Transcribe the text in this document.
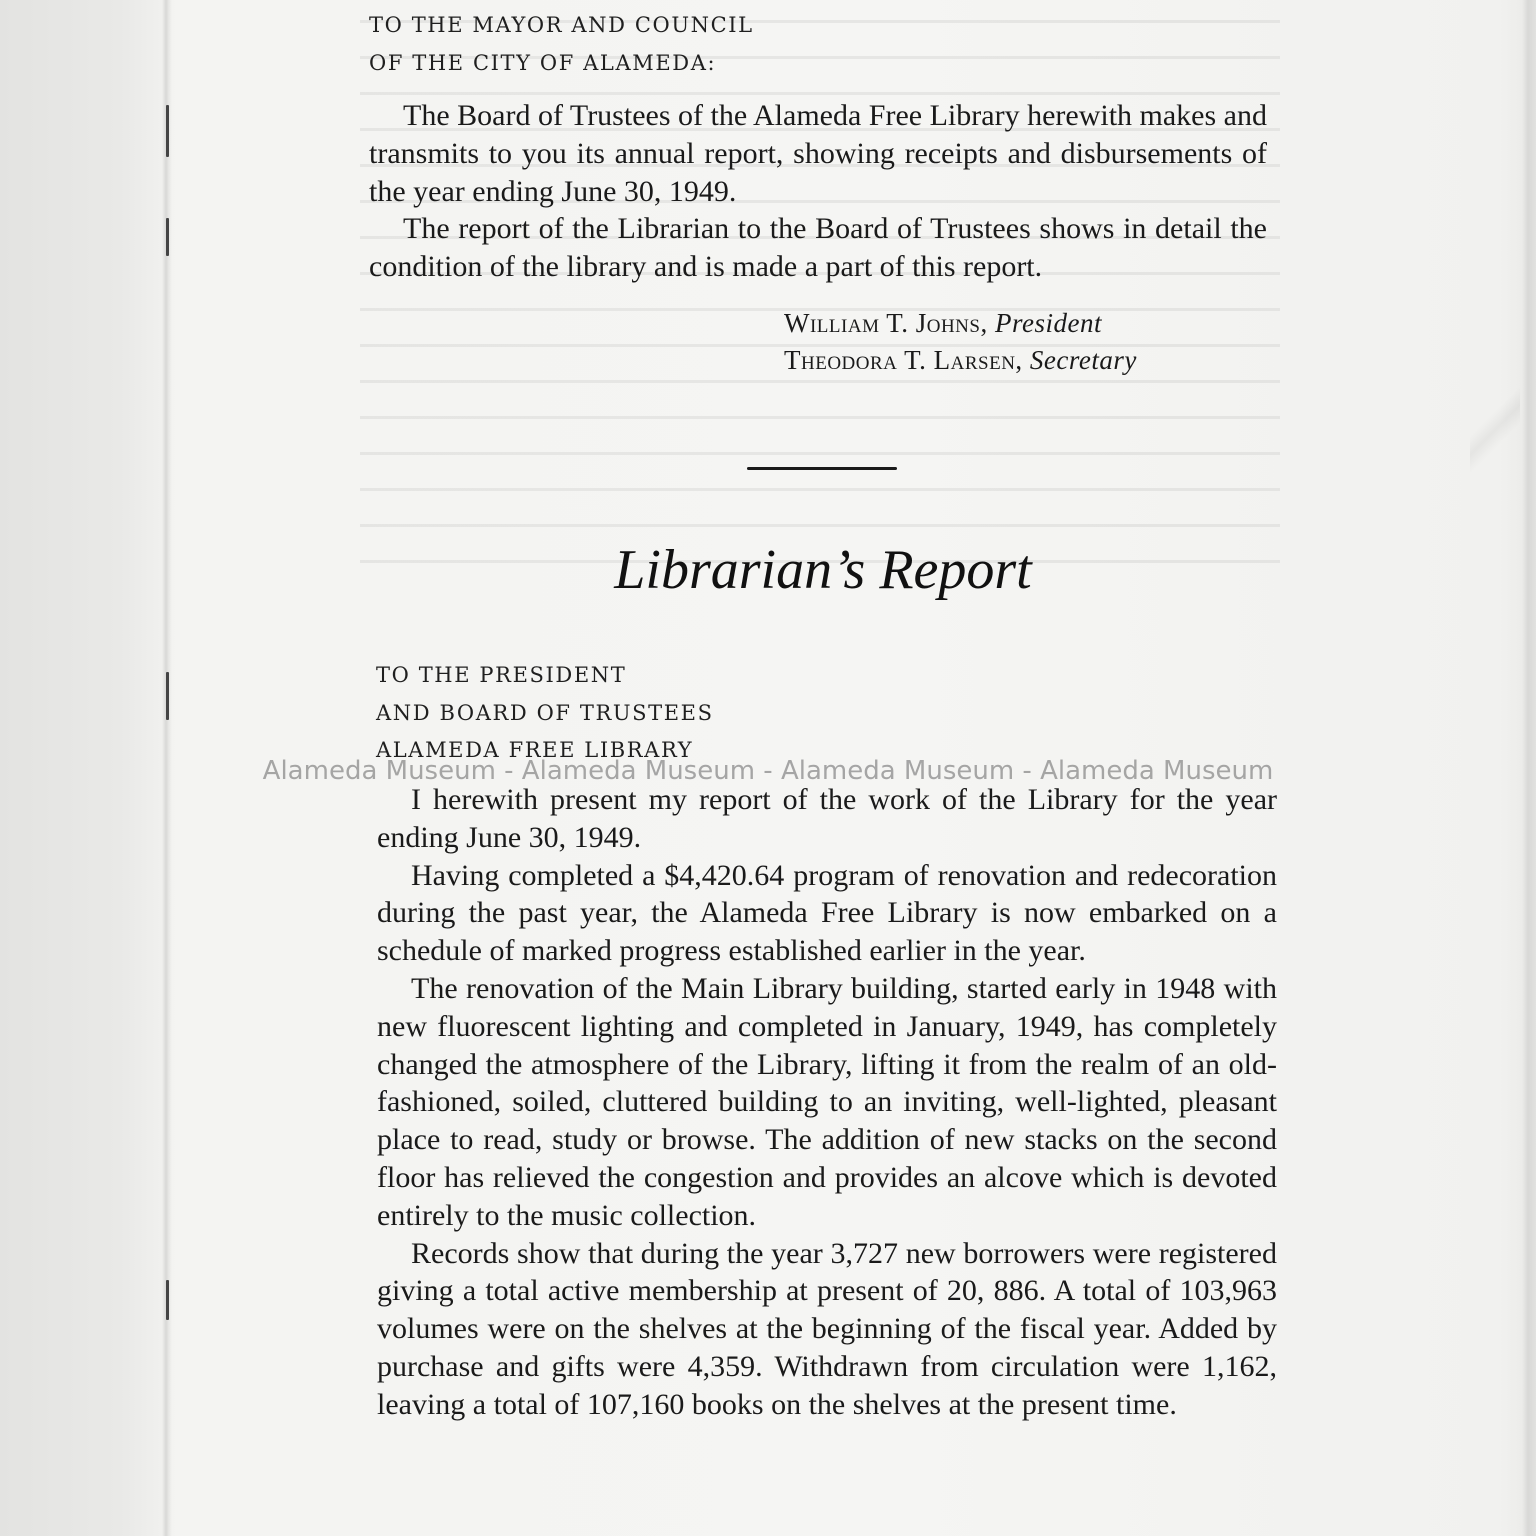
TO THE MAYOR AND COUNCIL

OF THE CITY OF ALAMEDA:

The Board of Trustees of the Alameda Free Library herewith makes and transmits to you its annual report, showing receipts and disbursements of the year ending June 30, 1949.

The report of the Librarian to the Board of Trustees shows in detail the condition of the library and is made a part of this report.

William T. Johns, President
Theodora T. Larsen, Secretary
Librarian’s Report

TO THE PRESIDENT

AND BOARD OF TRUSTEES

ALAMEDA FREE LIBRARY

I herewith present my report of the work of the Library for the year ending June 30, 1949.

Having completed a $4,420.64 program of renovation and redecoration during the past year, the Alameda Free Library is now embarked on a schedule of marked progress established earlier in the year.

The renovation of the Main Library building, started early in 1948 with new fluorescent lighting and completed in January, 1949, has completely changed the atmosphere of the Library, lifting it from the realm of an old-fashioned, soiled, cluttered building to an inviting, well-lighted, pleasant place to read, study or browse. The addition of new stacks on the second floor has relieved the congestion and provides an alcove which is devoted entirely to the music collection.

Records show that during the year 3,727 new borrowers were registered giving a total active membership at present of 20, 886. A total of 103,963 volumes were on the shelves at the beginning of the fiscal year. Added by purchase and gifts were 4,359. Withdrawn from circulation were 1,162, leaving a total of 107,160 books on the shelves at the present time.

Alameda Museum - Alameda Museum - Alameda Museum - Alameda Museum
